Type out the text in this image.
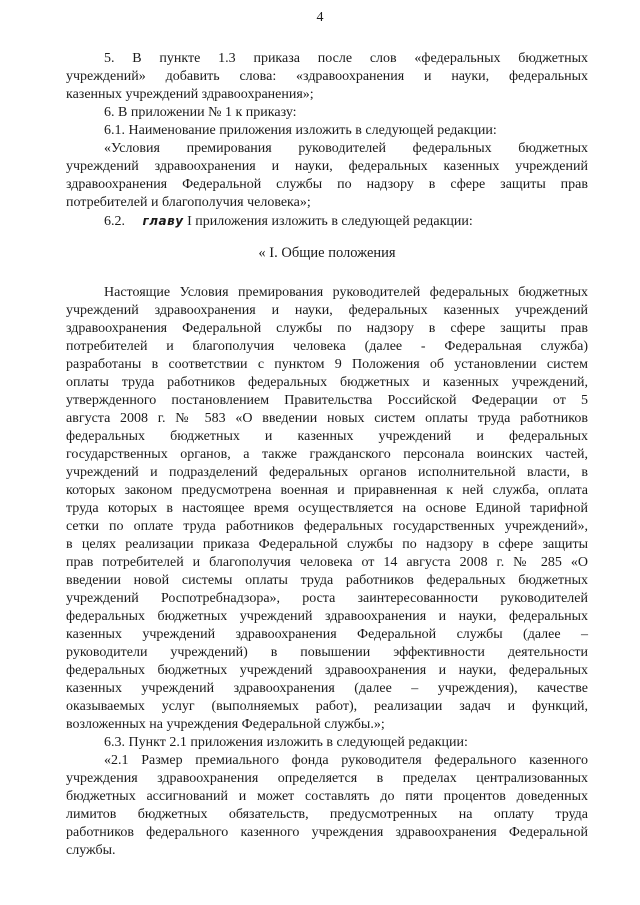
4
5. В пункте 1.3 приказа после слов «федеральных бюджетных
учреждений» добавить слова: «здравоохранения и науки, федеральных
казенных учреждений здравоохранения»;
6. В приложении № 1 к приказу:
6.1. Наименование приложения изложить в следующей редакции:
«Условия премирования руководителей федеральных бюджетных
учреждений здравоохранения и науки, федеральных казенных учреждений
здравоохранения Федеральной службы по надзору в сфере защиты прав
потребителей и благополучия человека»;
6.2. главу I приложения изложить в следующей редакции:
« I. Общие положения
Настоящие Условия премирования руководителей федеральных бюджетных
учреждений здравоохранения и науки, федеральных казенных учреждений
здравоохранения Федеральной службы по надзору в сфере защиты прав
потребителей и благополучия человека (далее - Федеральная служба)
разработаны в соответствии с пунктом 9 Положения об установлении систем
оплаты труда работников федеральных бюджетных и казенных учреждений,
утвержденного постановлением Правительства Российской Федерации от 5
августа 2008 г. № 583 «О введении новых систем оплаты труда работников
федеральных бюджетных и казенных учреждений и федеральных
государственных органов, а также гражданского персонала воинских частей,
учреждений и подразделений федеральных органов исполнительной власти, в
которых законом предусмотрена военная и приравненная к ней служба, оплата
труда которых в настоящее время осуществляется на основе Единой тарифной
сетки по оплате труда работников федеральных государственных учреждений»,
в целях реализации приказа Федеральной службы по надзору в сфере защиты
прав потребителей и благополучия человека от 14 августа 2008 г. № 285 «О
введении новой системы оплаты труда работников федеральных бюджетных
учреждений Роспотребнадзора», роста заинтересованности руководителей
федеральных бюджетных учреждений здравоохранения и науки, федеральных
казенных учреждений здравоохранения Федеральной службы (далее –
руководители учреждений) в повышении эффективности деятельности
федеральных бюджетных учреждений здравоохранения и науки, федеральных
казенных учреждений здравоохранения (далее – учреждения), качестве
оказываемых услуг (выполняемых работ), реализации задач и функций,
возложенных на учреждения Федеральной службы.»;
6.3. Пункт 2.1 приложения изложить в следующей редакции:
«2.1 Размер премиального фонда руководителя федерального казенного
учреждения здравоохранения определяется в пределах централизованных
бюджетных ассигнований и может составлять до пяти процентов доведенных
лимитов бюджетных обязательств, предусмотренных на оплату труда
работников федерального казенного учреждения здравоохранения Федеральной
службы.
